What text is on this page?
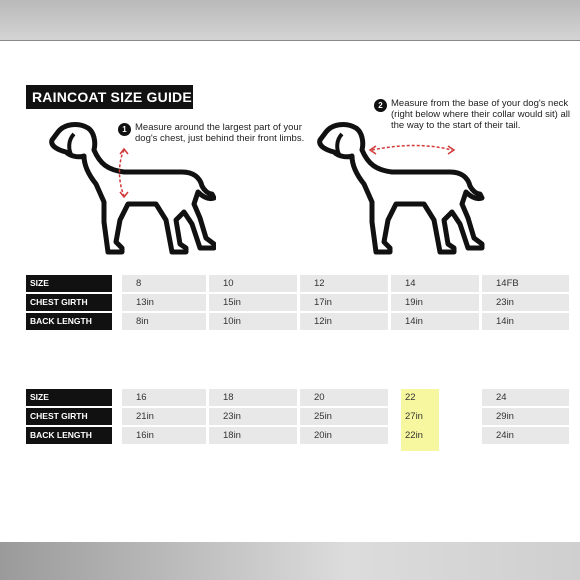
RAINCOAT SIZE GUIDE
1 Measure around the largest part of your dog's chest, just behind their front limbs.
2 Measure from the base of your dog's neck (right below where their collar would sit) all the way to the start of their tail.
SIZE	8	10	12	14	14FB
CHEST GIRTH	13in	15in	17in	19in	23in
BACK LENGTH	8in	10in	12in	14in	14in
SIZE	16	18	20	22	24
CHEST GIRTH	21in	23in	25in	27in	29in
BACK LENGTH	16in	18in	20in	22in	24in
